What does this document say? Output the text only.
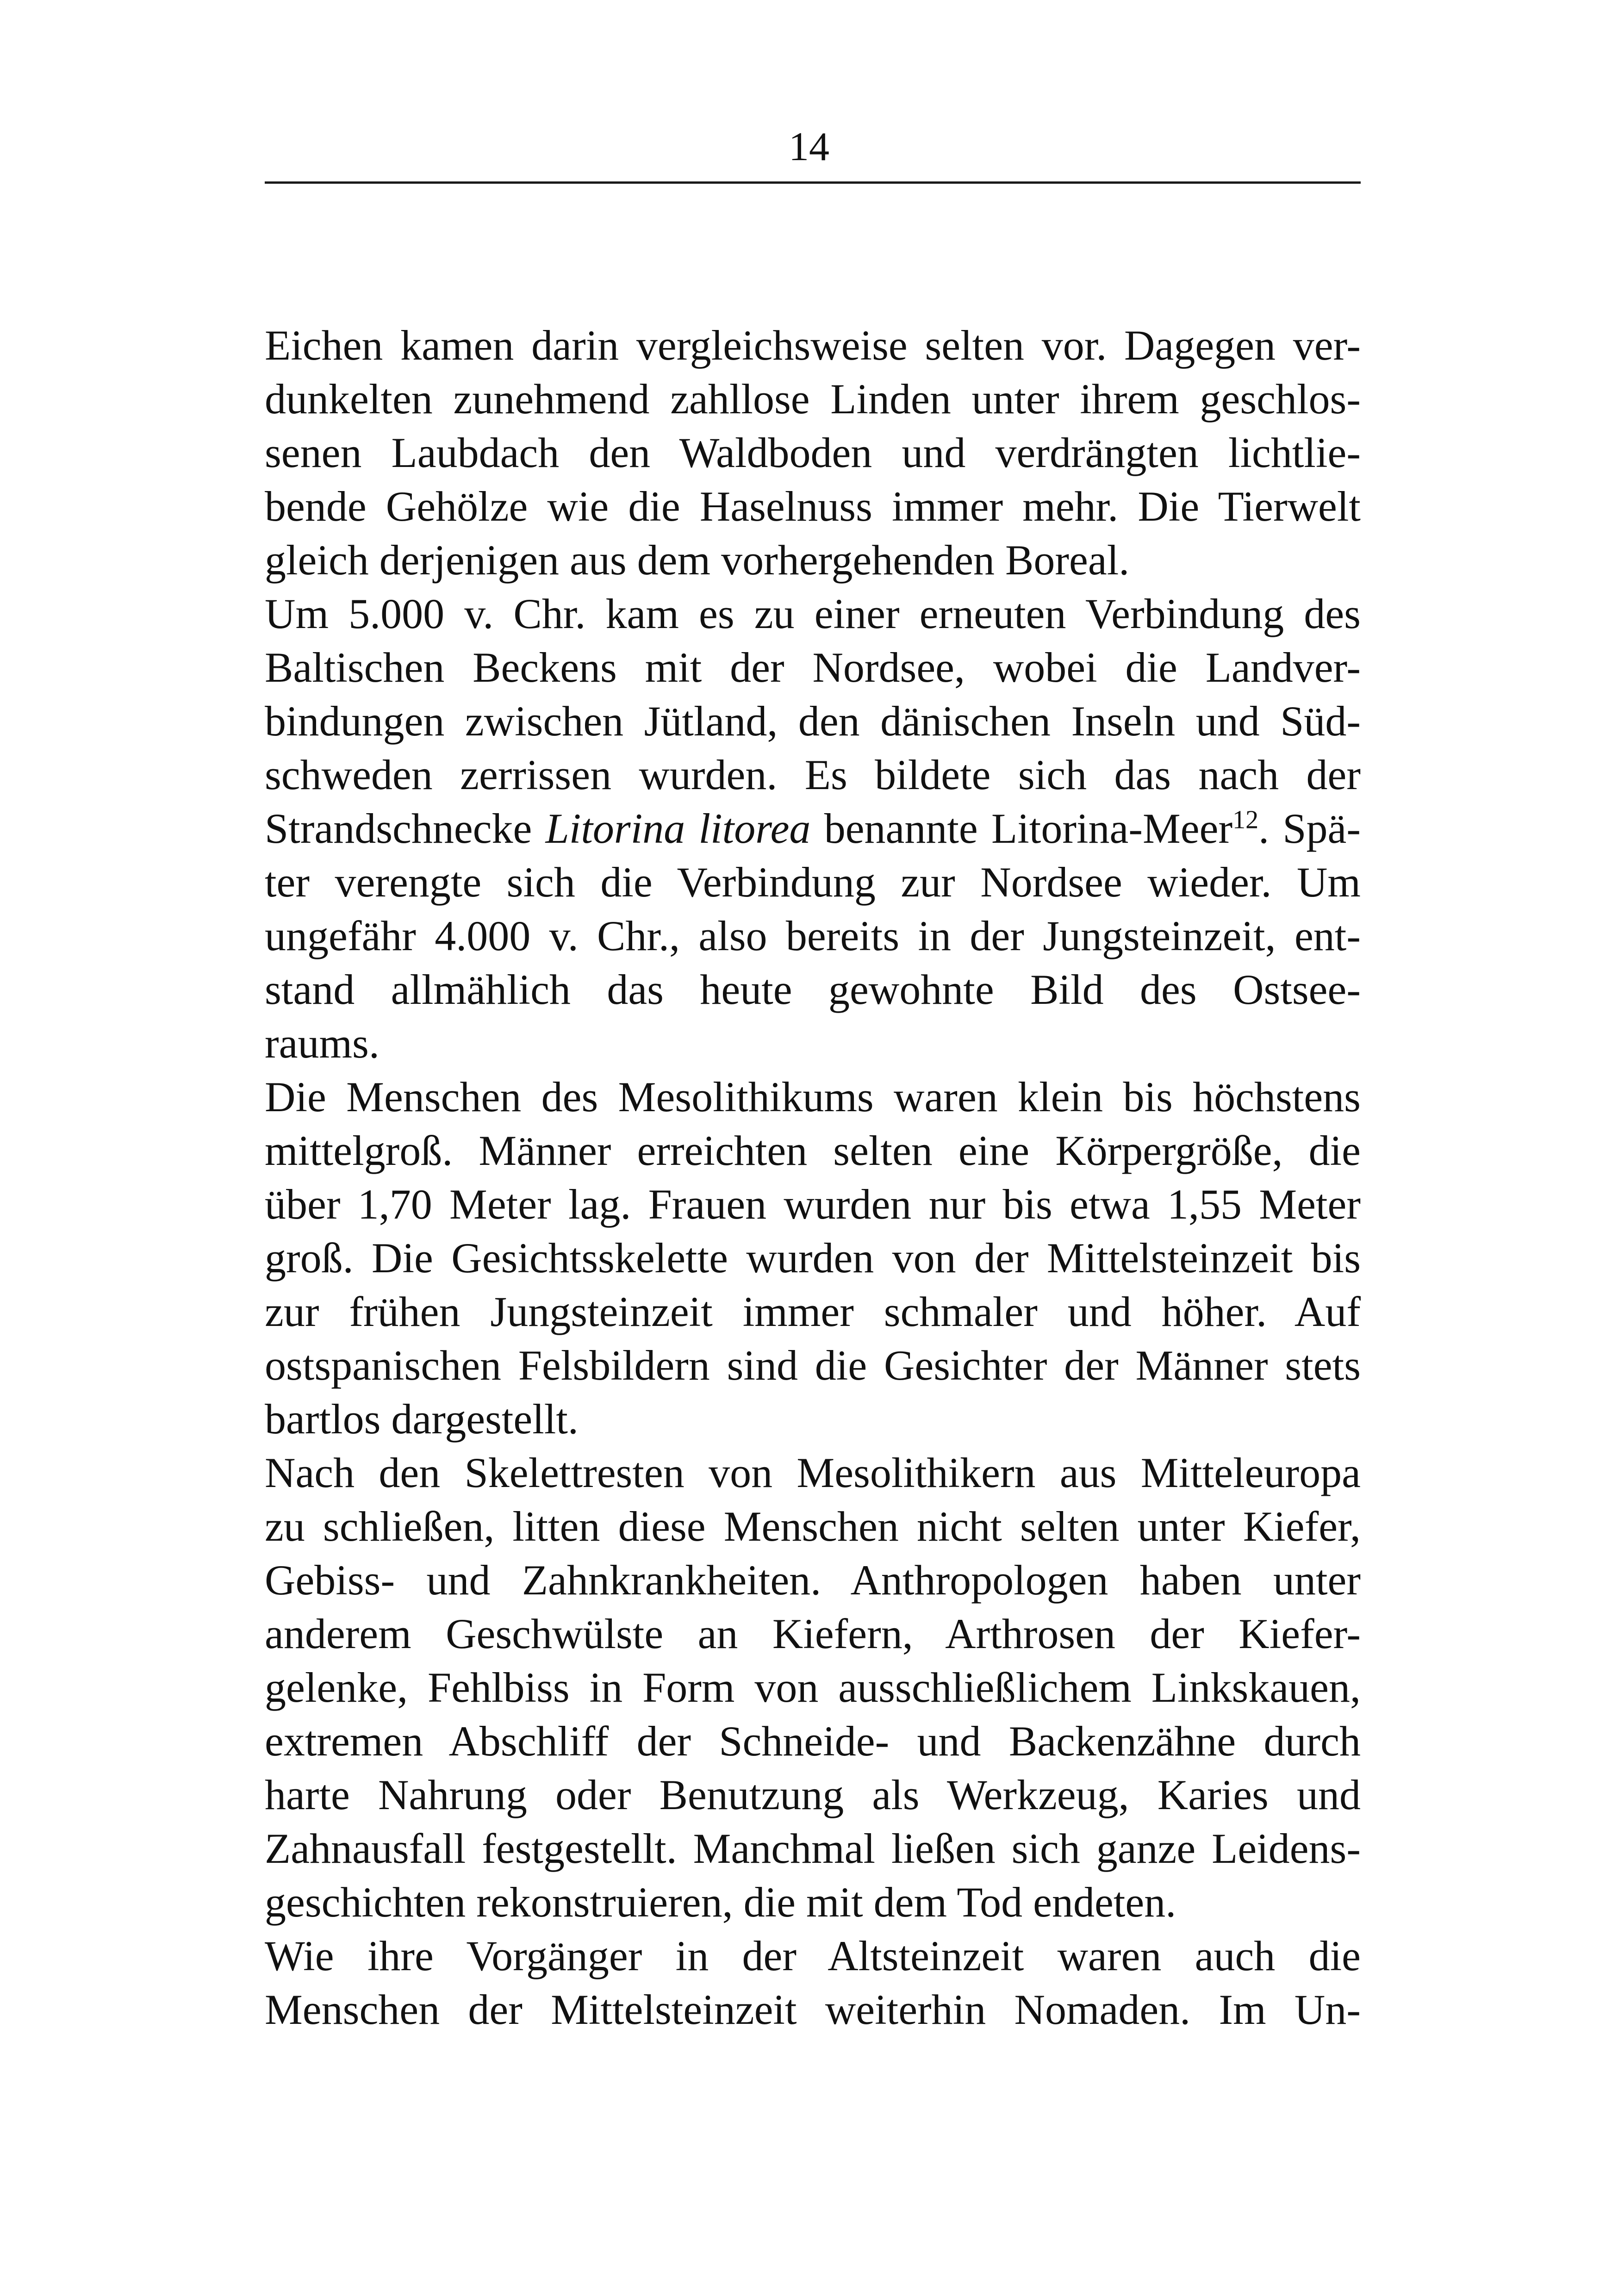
14
Eichen kamen darin vergleichsweise selten vor. Dagegen ver-
dunkelten zunehmend zahllose Linden unter ihrem geschlos-
senen Laubdach den Waldboden und verdrängten lichtlie-
bende Gehölze wie die Haselnuss immer mehr. Die Tierwelt
gleich derjenigen aus dem vorhergehenden Boreal.
Um 5.000 v. Chr. kam es zu einer erneuten Verbindung des
Baltischen Beckens mit der Nordsee, wobei die Landver-
bindungen zwischen Jütland, den dänischen Inseln und Süd-
schweden zerrissen wurden. Es bildete sich das nach der
Strandschnecke Litorina litorea benannte Litorina-Meer$^{12}$. Spä-
ter verengte sich die Verbindung zur Nordsee wieder. Um
ungefähr 4.000 v. Chr., also bereits in der Jungsteinzeit, ent-
stand allmählich das heute gewohnte Bild des Ostsee-
raums.
Die Menschen des Mesolithikums waren klein bis höchstens
mittelgroß. Männer erreichten selten eine Körpergröße, die
über 1,70 Meter lag. Frauen wurden nur bis etwa 1,55 Meter
groß. Die Gesichtsskelette wurden von der Mittelsteinzeit bis
zur frühen Jungsteinzeit immer schmaler und höher. Auf
ostspanischen Felsbildern sind die Gesichter der Männer stets
bartlos dargestellt.
Nach den Skelettresten von Mesolithikern aus Mitteleuropa
zu schließen, litten diese Menschen nicht selten unter Kiefer,
Gebiss- und Zahnkrankheiten. Anthropologen haben unter
anderem Geschwülste an Kiefern, Arthrosen der Kiefer-
gelenke, Fehlbiss in Form von ausschließlichem Linkskauen,
extremen Abschliff der Schneide- und Backenzähne durch
harte Nahrung oder Benutzung als Werkzeug, Karies und
Zahnausfall festgestellt. Manchmal ließen sich ganze Leidens-
geschichten rekonstruieren, die mit dem Tod endeten.
Wie ihre Vorgänger in der Altsteinzeit waren auch die
Menschen der Mittelsteinzeit weiterhin Nomaden. Im Un-
